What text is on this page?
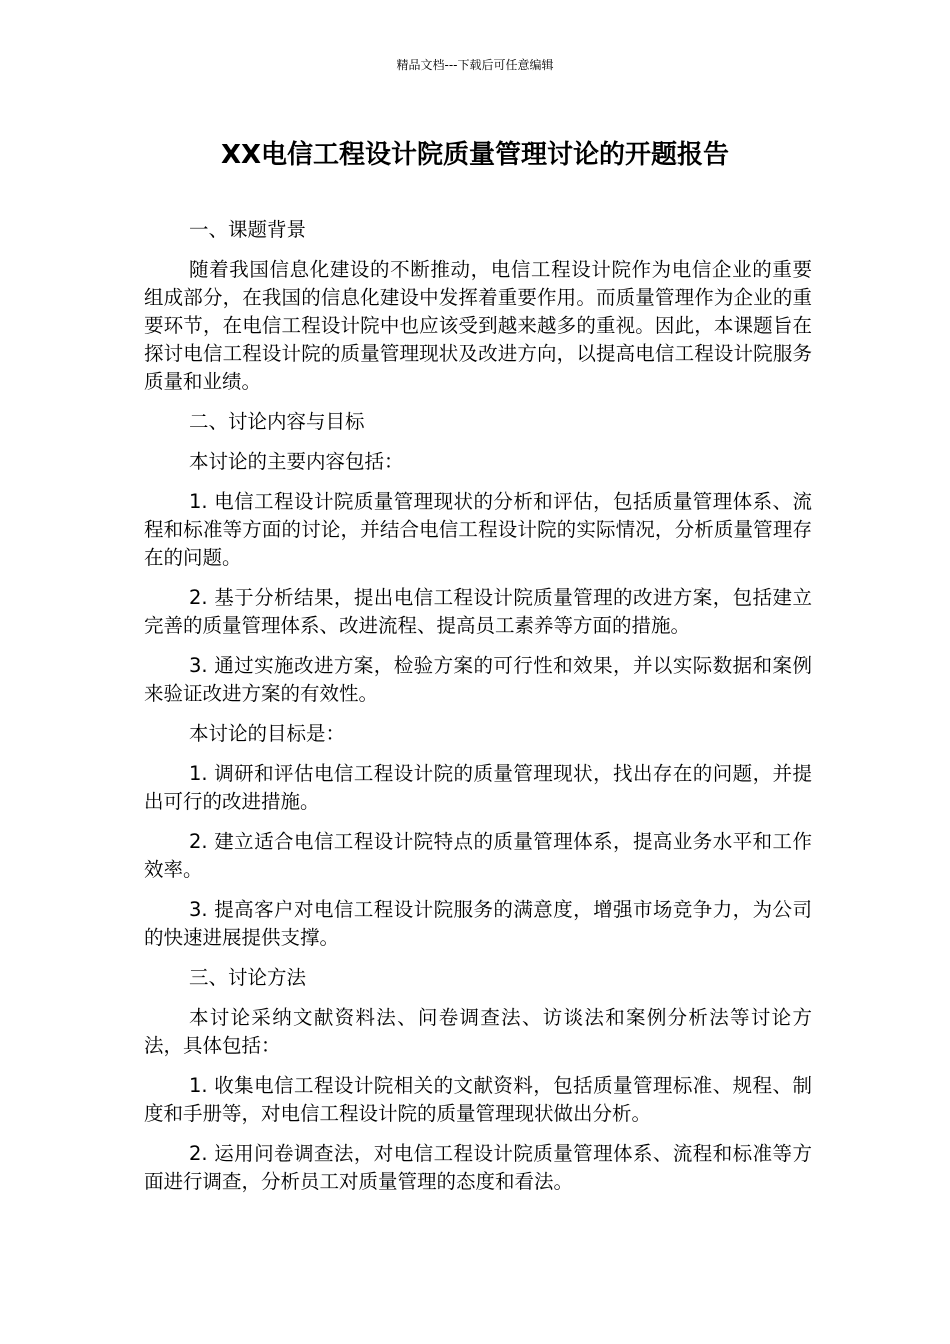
精品文档---下载后可任意编辑
XX电信工程设计院质量管理讨论的开题报告

一、课题背景

随着我国信息化建设的不断推动，电信工程设计院作为电信企业的重要组成部分，在我国的信息化建设中发挥着重要作用。而质量管理作为企业的重要环节，在电信工程设计院中也应该受到越来越多的重视。因此，本课题旨在探讨电信工程设计院的质量管理现状及改进方向，以提高电信工程设计院服务质量和业绩。

二、讨论内容与目标

本讨论的主要内容包括：

1. 电信工程设计院质量管理现状的分析和评估，包括质量管理体系、流程和标准等方面的讨论，并结合电信工程设计院的实际情况，分析质量管理存在的问题。

2. 基于分析结果，提出电信工程设计院质量管理的改进方案，包括建立完善的质量管理体系、改进流程、提高员工素养等方面的措施。

3. 通过实施改进方案，检验方案的可行性和效果，并以实际数据和案例来验证改进方案的有效性。

本讨论的目标是：

1. 调研和评估电信工程设计院的质量管理现状，找出存在的问题，并提出可行的改进措施。

2. 建立适合电信工程设计院特点的质量管理体系，提高业务水平和工作效率。

3. 提高客户对电信工程设计院服务的满意度，增强市场竞争力，为公司的快速进展提供支撑。

三、讨论方法

本讨论采纳文献资料法、问卷调查法、访谈法和案例分析法等讨论方法，具体包括：

1. 收集电信工程设计院相关的文献资料，包括质量管理标准、规程、制度和手册等，对电信工程设计院的质量管理现状做出分析。

2. 运用问卷调查法，对电信工程设计院质量管理体系、流程和标准等方面进行调查，分析员工对质量管理的态度和看法。
